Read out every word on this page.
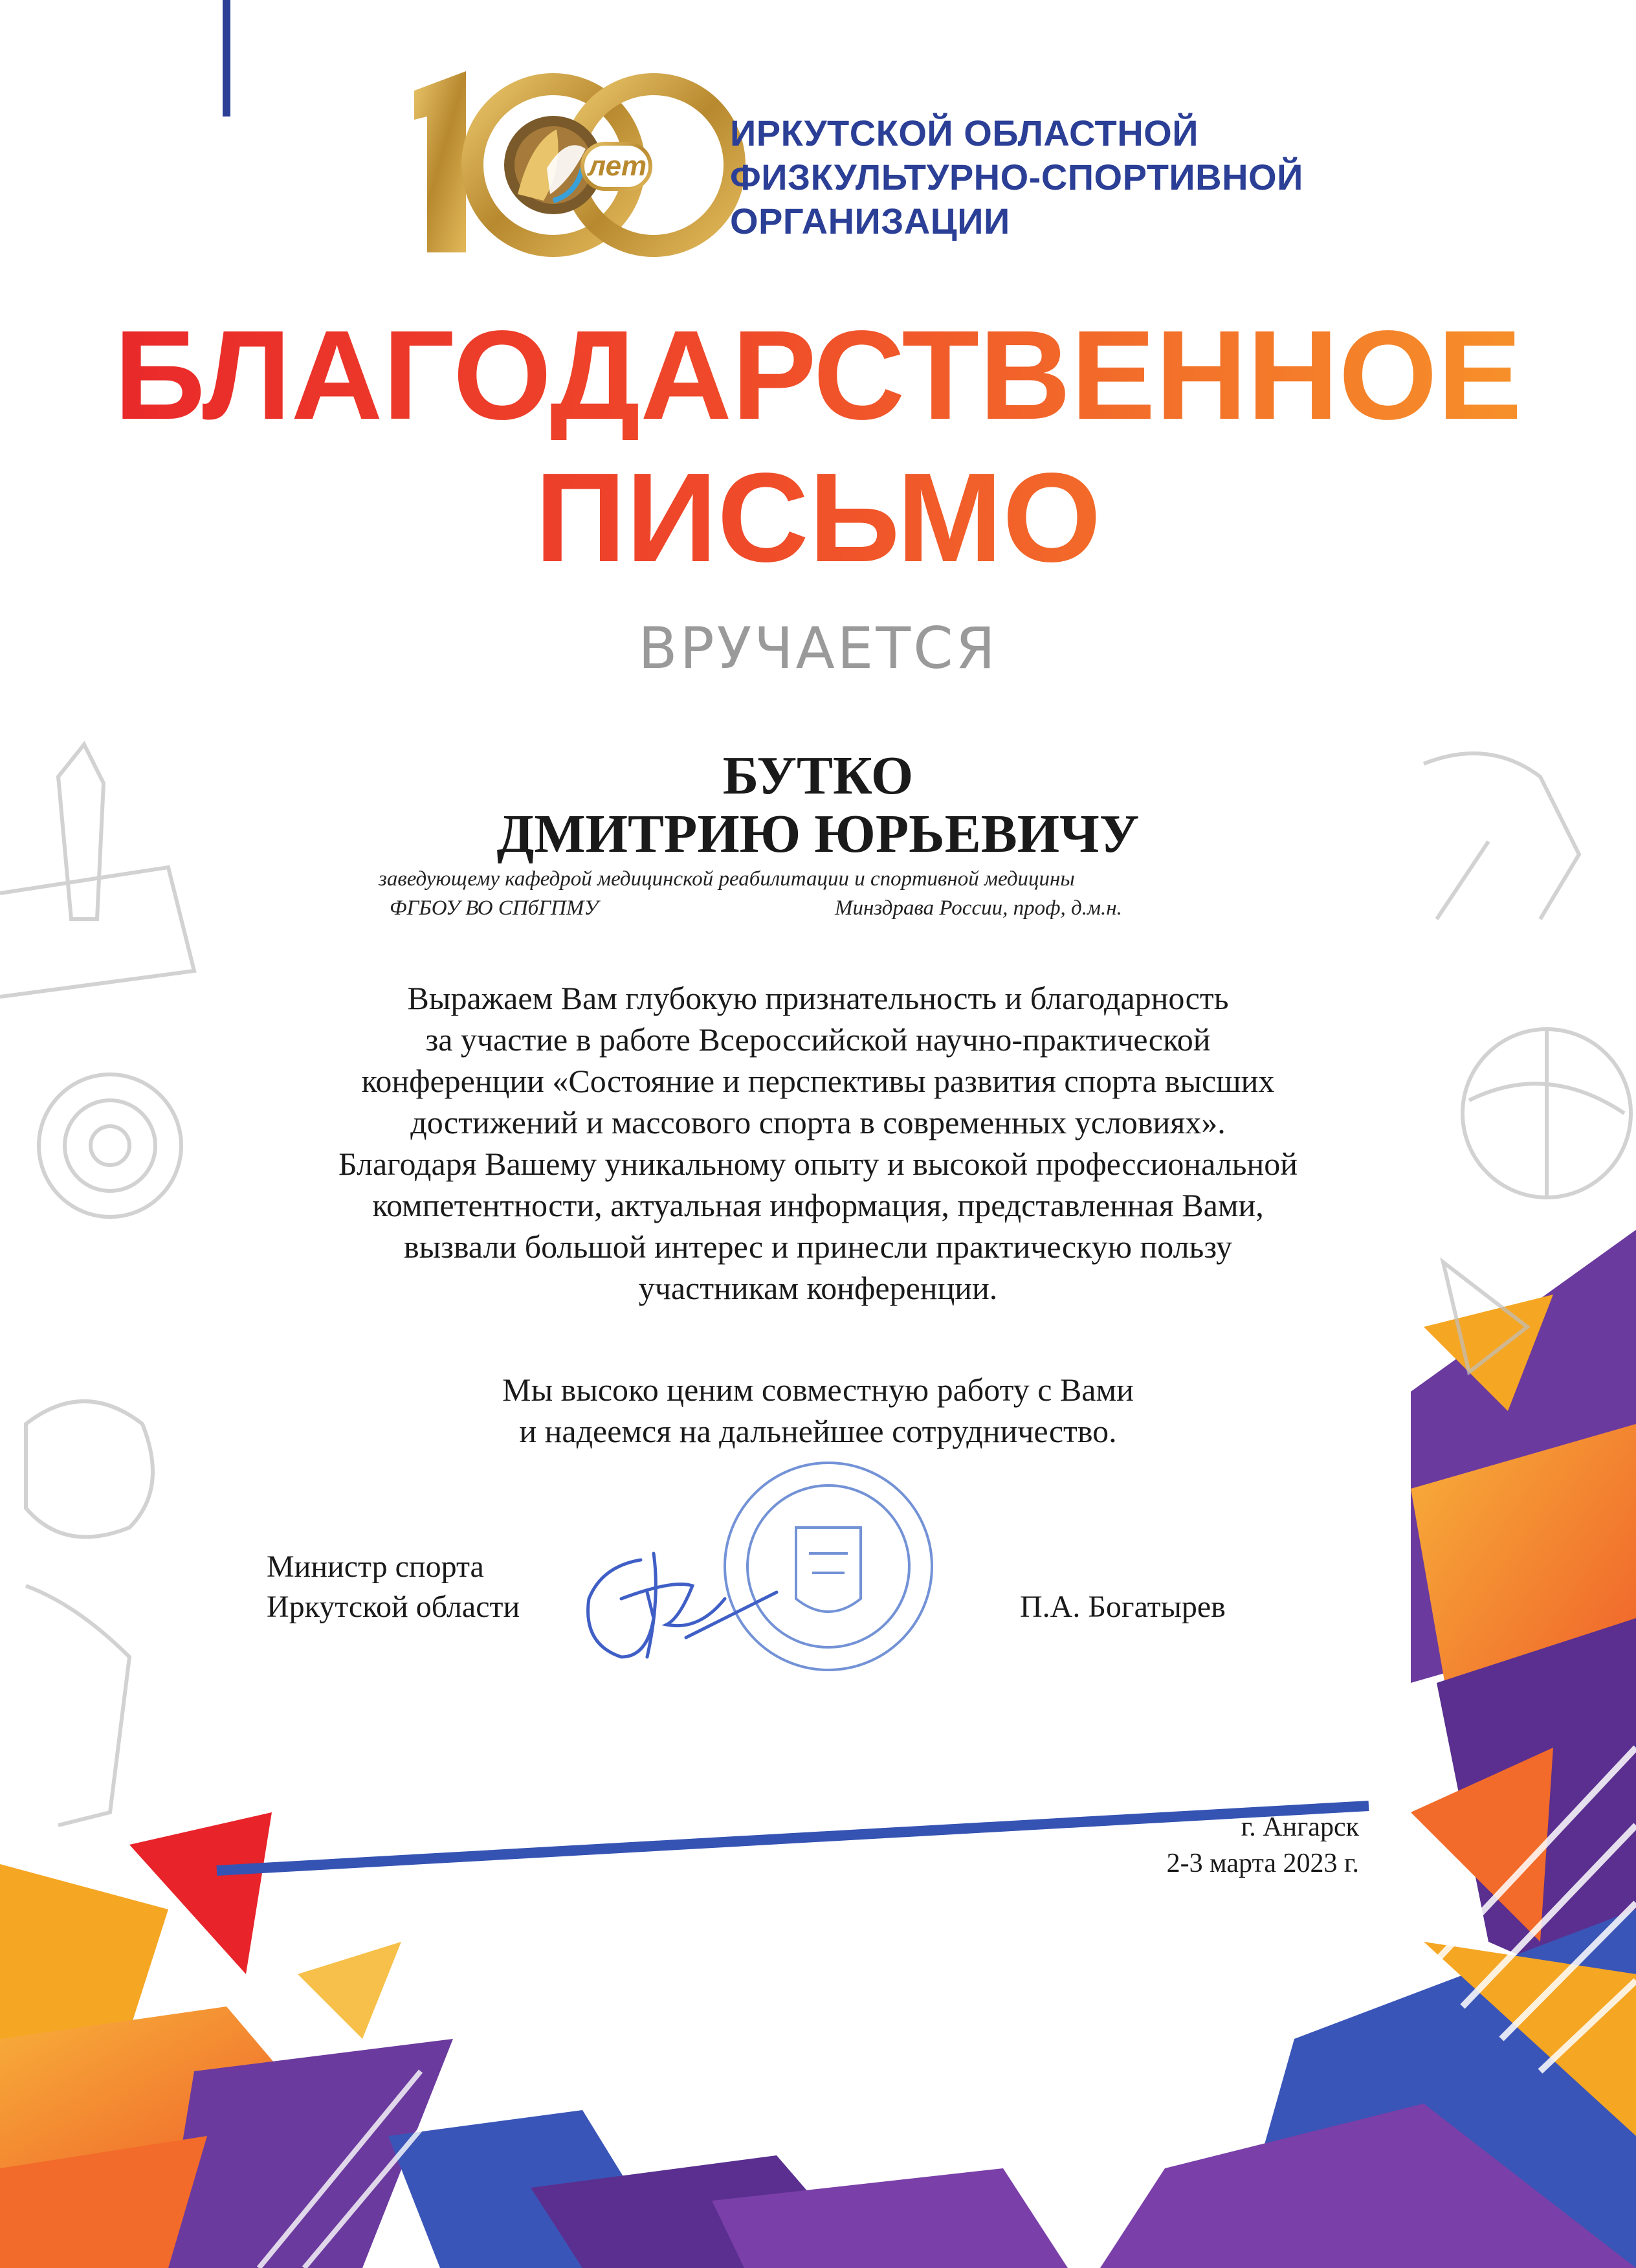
лет
ИРКУТСКОЙ ОБЛАСТНОЙ
ФИЗКУЛЬТУРНО-СПОРТИВНОЙ
ОРГАНИЗАЦИИ
БЛАГОДАРСТВЕННОЕ
ПИСЬМО
ВРУЧАЕТСЯ
БУТКО
ДМИТРИЮ ЮРЬЕВИЧУ
заведующему кафедрой медицинской реабилитации и спортивной медицины
ФГБОУ ВО СПбГПМУ	Минздрава России, проф, д.м.н.
Выражаем Вам глубокую признательность и благодарность
за участие в работе Всероссийской научно-практической
конференции «Состояние и перспективы развития спорта высших
достижений и массового спорта в современных условиях».
Благодаря Вашему уникальному опыту и высокой профессиональной
компетентности, актуальная информация, представленная Вами,
вызвали большой интерес и принесли практическую пользу
участникам конференции.
Мы высоко ценим совместную работу с Вами
и надеемся на дальнейшее сотрудничество.
Министр спорта
Иркутской области	П.А. Богатырев
г. Ангарск
2-3 марта 2023 г.
